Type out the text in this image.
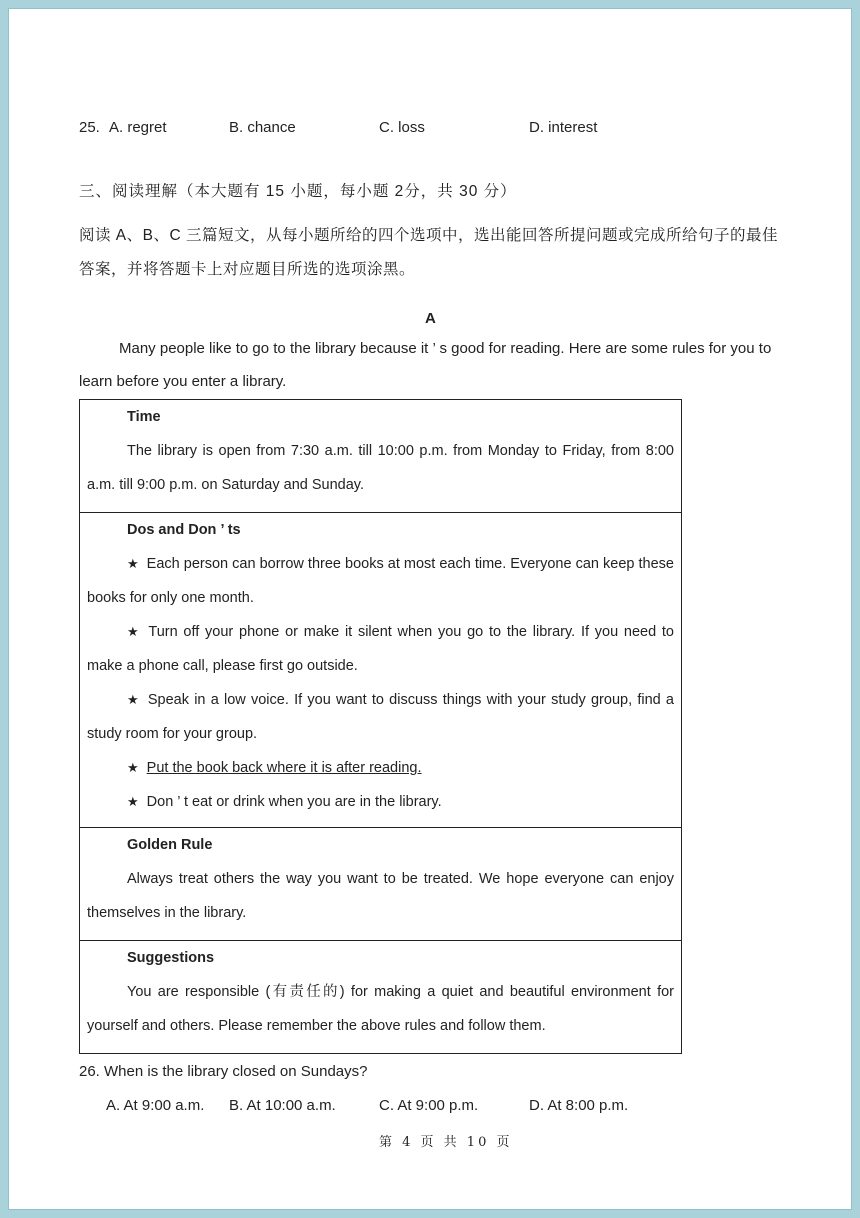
25. A. regret	B. chance	C. loss	D. interest
三、阅读理解（本大题有 15 小题，每小题 2分，共 30 分）
阅读 A、B、C 三篇短文，从每小题所给的四个选项中，选出能回答所提问题或完成所给句子的最佳答案，并将答题卡上对应题目所选的选项涂黑。
A
Many people like to go to the library because it ’ s good for reading. Here are some rules for you to learn before you enter a library.
Time
The library is open from 7:30 a.m. till 10:00 p.m. from Monday to Friday, from 8:00 a.m. till 9:00 p.m. on Saturday and Sunday.

Dos and Don ’ ts
★ Each person can borrow three books at most each time. Everyone can keep these books for only one month.
★ Turn off your phone or make it silent when you go to the library. If you need to make a phone call, please first go outside.
★ Speak in a low voice. If you want to discuss things with your study group, find a study room for your group.
★ Put the book back where it is after reading.
★ Don ’ t eat or drink when you are in the library.

Golden Rule
Always treat others the way you want to be treated. We hope everyone can enjoy themselves in the library.

Suggestions
You are responsible (有责任的) for making a quiet and beautiful environment for yourself and others. Please remember the above rules and follow them.
26. When is the library closed on Sundays?
A. At 9:00 a.m. B. At 10:00 a.m.	C. At 9:00 p.m.	D. At 8:00 p.m.
第 4 页 共 10 页
